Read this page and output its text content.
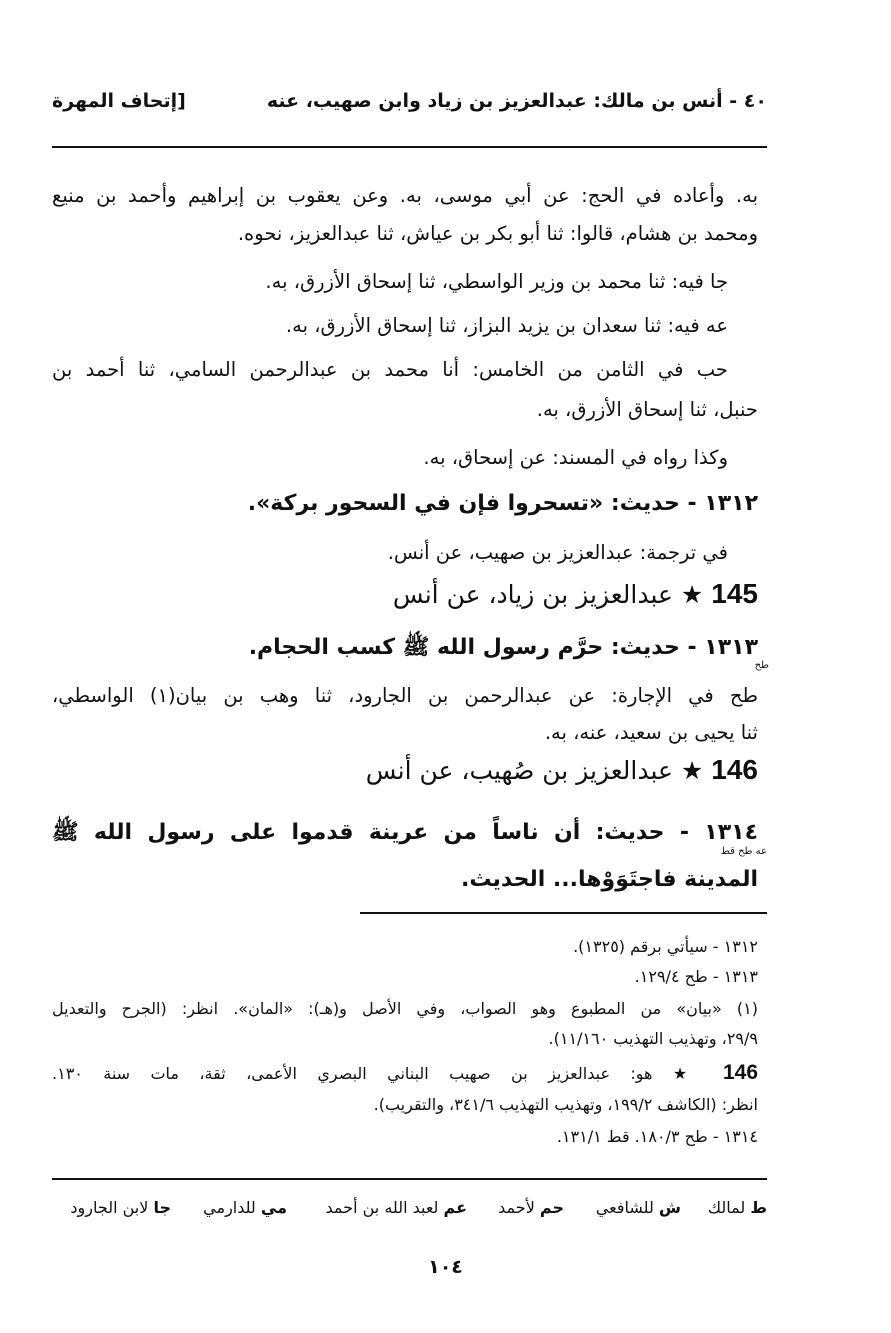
٤٠ - أنس بن مالك: عبدالعزيز بن زياد وابن صهيب، عنه
[إتحاف المهرة
به. وأعاده في الحج: عن أبي موسى، به. وعن يعقوب بن إبراهيم وأحمد بن منيع
ومحمد بن هشام، قالوا: ثنا أبو بكر بن عياش، ثنا عبدالعزيز، نحوه.
جا فيه: ثنا محمد بن وزير الواسطي، ثنا إسحاق الأزرق، به.
عه فيه: ثنا سعدان بن يزيد البزاز، ثنا إسحاق الأزرق، به.
حب في الثامن من الخامس: أنا محمد بن عبدالرحمن السامي، ثنا أحمد بن
حنبل، ثنا إسحاق الأزرق، به.
وكذا رواه في المسند: عن إسحاق، به.
١٣١٢ - حديث: «تسحروا فإن في السحور بركة».
في ترجمة: عبدالعزيز بن صهيب، عن أنس.
145 ★ عبدالعزيز بن زياد، عن أنس
١٣١٣ - حديث: حرَّم رسول الله ﷺ كسب الحجام.
طح
طح في الإجارة: عن عبدالرحمن بن الجارود، ثنا وهب بن بيان(١) الواسطي،
ثنا يحيى بن سعيد، عنه، به.
146 ★ عبدالعزيز بن صُهيب، عن أنس
١٣١٤ - حديث: أن ناساً من عرينة قدموا على رسول الله ﷺ
عه طح قط
المدينة فاجتَوَوْها... الحديث.
١٣١٢ - سيأتي برقم (١٣٢٥).
١٣١٣ - طح ١٢٩/٤.
(١) «بيان» من المطبوع وهو الصواب، وفي الأصل و(هـ): «المان». انظر: (الجرح والتعديل
٢٩/٩، وتهذيب التهذيب ١١/١٦٠).
146 ★ هو: عبدالعزيز بن صهيب البناني البصري الأعمى، ثقة، مات سنة ١٣٠.
انظر: (الكاشف ١٩٩/٢، وتهذيب التهذيب ٣٤١/٦، والتقريب).
١٣١٤ - طح ١٨٠/٣. قط ١٣١/١.
ط لمالك
ش للشافعي
حم لأحمد
عم لعبد الله بن أحمد
مي للدارمي
جا لابن الجارود
١٠٤
